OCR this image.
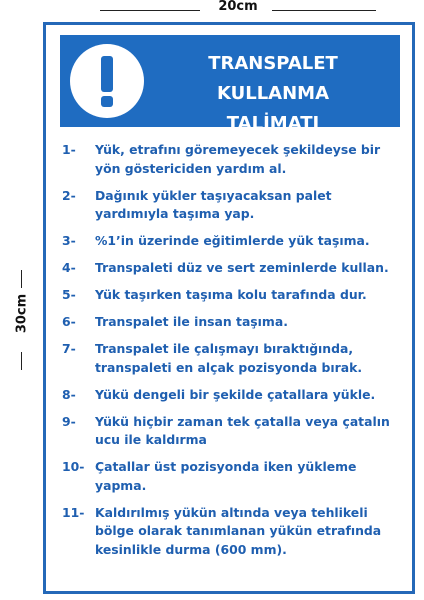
20cm
30cm
TRANSPALET KULLANMA
TALİMATI
1-	Yük, etrafını göremeyecek şekildeyse bir yön göstericiden yardım al.
2-	Dağınık yükler taşıyacaksan palet yardımıyla taşıma yap.
3-	%1’in üzerinde eğitimlerde yük taşıma.
4-	Transpaleti düz ve sert zeminlerde kullan.
5-	Yük taşırken taşıma kolu tarafında dur.
6-	Transpalet ile insan taşıma.
7-	Transpalet ile çalışmayı bıraktığında, transpaleti en alçak pozisyonda bırak.
8-	Yükü dengeli bir şekilde çatallara yükle.
9-	Yükü hiçbir zaman tek çatalla veya çatalın ucu ile kaldırma
10- Çatallar üst pozisyonda iken yükleme yapma.
11- Kaldırılmış yükün altında veya tehlikeli bölge olarak tanımlanan yükün etrafında kesinlikle durma (600 mm).
